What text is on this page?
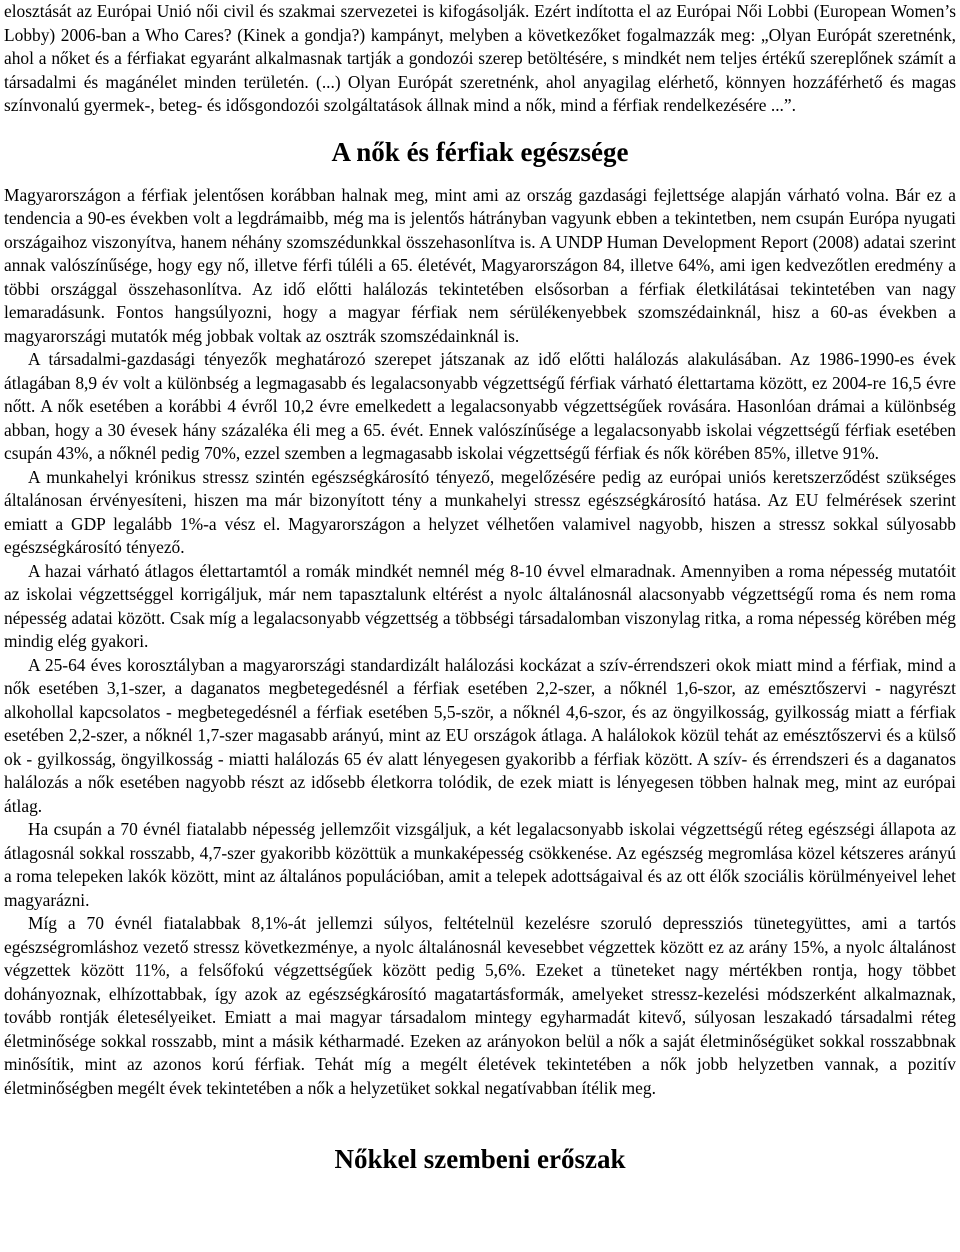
elosztását az Európai Unió női civil és szakmai szervezetei is kifogásolják. Ezért indította el az Európai Női Lobbi (European Women’s Lobby) 2006-ban a Who Cares? (Kinek a gondja?) kampányt, melyben a következőket fogalmazzák meg: „Olyan Európát szeretnénk, ahol a nőket és a férfiakat egyaránt alkalmasnak tartják a gondozói szerep betöltésére, s mindkét nem teljes értékű szereplőnek számít a társadalmi és magánélet minden területén. (...) Olyan Európát szeretnénk, ahol anyagilag elérhető, könnyen hozzáférhető és magas színvonalú gyermek-, beteg- és idősgondozói szolgáltatások állnak mind a nők, mind a férfiak rendelkezésére ...”.

A nők és férfiak egészsége

Magyarországon a férfiak jelentősen korábban halnak meg, mint ami az ország gazdasági fejlettsége alapján várható volna. Bár ez a tendencia a 90-es években volt a legdrámaibb, még ma is jelentős hátrányban vagyunk ebben a tekintetben, nem csupán Európa nyugati országaihoz viszonyítva, hanem néhány szomszédunkkal összehasonlítva is. A UNDP Human Development Report (2008) adatai szerint annak valószínűsége, hogy egy nő, illetve férfi túléli a 65. életévét, Magyarországon 84, illetve 64%, ami igen kedvezőtlen eredmény a többi országgal összehasonlítva. Az idő előtti halálozás tekintetében elsősorban a férfiak életkilátásai tekintetében van nagy lemaradásunk. Fontos hangsúlyozni, hogy a magyar férfiak nem sérülékenyebbek szomszédainknál, hisz a 60-as években a magyarországi mutatók még jobbak voltak az osztrák szomszédainknál is.

A társadalmi-gazdasági tényezők meghatározó szerepet játszanak az idő előtti halálozás alakulásában. Az 1986-1990-es évek átlagában 8,9 év volt a különbség a legmagasabb és legalacsonyabb végzettségű férfiak várható élettartama között, ez 2004-re 16,5 évre nőtt. A nők esetében a korábbi 4 évről 10,2 évre emelkedett a legalacsonyabb végzettségűek rovására. Hasonlóan drámai a különbség abban, hogy a 30 évesek hány százaléka éli meg a 65. évét. Ennek valószínűsége a legalacsonyabb iskolai végzettségű férfiak esetében csupán 43%, a nőknél pedig 70%, ezzel szemben a legmagasabb iskolai végzettségű férfiak és nők körében 85%, illetve 91%.

A munkahelyi krónikus stressz szintén egészségkárosító tényező, megelőzésére pedig az európai uniós keretszerződést szükséges általánosan érvényesíteni, hiszen ma már bizonyított tény a munkahelyi stressz egészségkárosító hatása. Az EU felmérések szerint emiatt a GDP legalább 1%-a vész el. Magyarországon a helyzet vélhetően valamivel nagyobb, hiszen a stressz sokkal súlyosabb egészségkárosító tényező.

A hazai várható átlagos élettartamtól a romák mindkét nemnél még 8-10 évvel elmaradnak. Amennyiben a roma népesség mutatóit az iskolai végzettséggel korrigáljuk, már nem tapasztalunk eltérést a nyolc általánosnál alacsonyabb végzettségű roma és nem roma népesség adatai között. Csak míg a legalacsonyabb végzettség a többségi társadalomban viszonylag ritka, a roma népesség körében még mindig elég gyakori.

A 25-64 éves korosztályban a magyarországi standardizált halálozási kockázat a szív-érrendszeri okok miatt mind a férfiak, mind a nők esetében 3,1-szer, a daganatos megbetegedésnél a férfiak esetében 2,2-szer, a nőknél 1,6-szor, az emésztőszervi - nagyrészt alkohollal kapcsolatos - megbetegedésnél a férfiak esetében 5,5-ször, a nőknél 4,6-szor, és az öngyilkosság, gyilkosság miatt a férfiak esetében 2,2-szer, a nőknél 1,7-szer magasabb arányú, mint az EU országok átlaga. A halálokok közül tehát az emésztőszervi és a külső ok - gyilkosság, öngyilkosság - miatti halálozás 65 év alatt lényegesen gyakoribb a férfiak között. A szív- és érrendszeri és a daganatos halálozás a nők esetében nagyobb részt az idősebb életkorra tolódik, de ezek miatt is lényegesen többen halnak meg, mint az európai átlag.

Ha csupán a 70 évnél fiatalabb népesség jellemzőit vizsgáljuk, a két legalacsonyabb iskolai végzettségű réteg egészségi állapota az átlagosnál sokkal rosszabb, 4,7-szer gyakoribb közöttük a munkaképesség csökkenése. Az egészség megromlása közel kétszeres arányú a roma telepeken lakók között, mint az általános populációban, amit a telepek adottságaival és az ott élők szociális körülményeivel lehet magyarázni.

Míg a 70 évnél fiatalabbak 8,1%-át jellemzi súlyos, feltételnül kezelésre szoruló depressziós tünetegyüttes, ami a tartós egészségromláshoz vezető stressz következménye, a nyolc általánosnál kevesebbet végzettek között ez az arány 15%, a nyolc általánost végzettek között 11%, a felsőfokú végzettségűek között pedig 5,6%. Ezeket a tüneteket nagy mértékben rontja, hogy többet dohányoznak, elhízottabbak, így azok az egészségkárosító magatartásformák, amelyeket stressz-kezelési módszerként alkalmaznak, tovább rontják életesélyeiket. Emiatt a mai magyar társadalom mintegy egyharmadát kitevő, súlyosan leszakadó társadalmi réteg életminősége sokkal rosszabb, mint a másik kétharmadé. Ezeken az arányokon belül a nők a saját életminőségüket sokkal rosszabbnak minősítik, mint az azonos korú férfiak. Tehát míg a megélt életévek tekintetében a nők jobb helyzetben vannak, a pozitív életminőségben megélt évek tekintetében a nők a helyzetüket sokkal negatívabban ítélik meg.

Nőkkel szembeni erőszak
